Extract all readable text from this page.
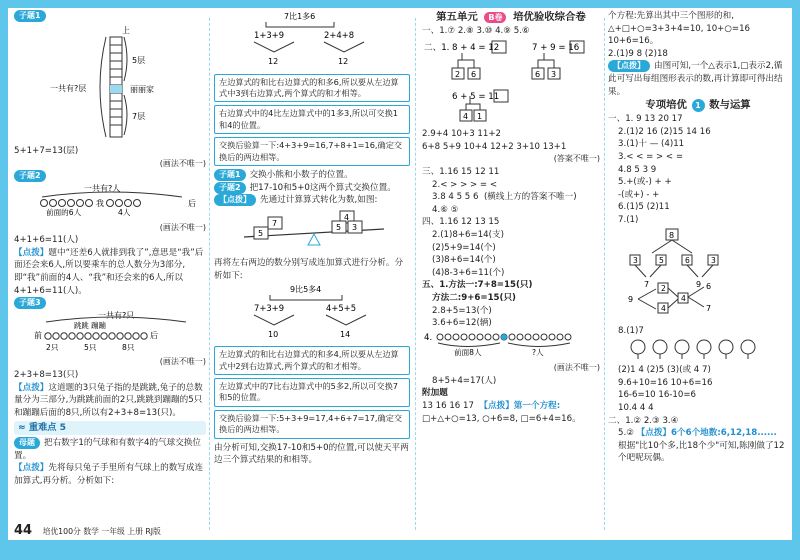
子题1
上
5层
丽丽家
7层
一共有?层
5+1+7=13(层)
(画法不唯一)
子题2
一共有?人
我	后
前面的6人	4人
(画法不唯一)
4+1+6=11(人)
【点拨】题中“还差6人就排到我了”,意思是“我”后面还会来6人,所以要乘车的总人数分为3部分,即“我”前面的4人、“我”和还会来的6人,所以4+1+6=11(人)。
子题3
一共有?只
跳跳 蹦蹦
前	后
2只	5只	8只
(画法不唯一)
2+3+8=13(只)
【点拨】这道题的3只兔子指的是跳跳,兔子的总数量分为三部分,为跳跳前面的2只,跳跳到蹦蹦的5只和蹦蹦后面的8只,所以有2+3+8=13(只)。
≈ 重难点 5
母题 把右数字1的气球和有数字4的气球交换位置。
【点拨】先将每只兔子手里所有气球上的数写成连加算式,再分析。分析如下:
7比1多6
1+3+9	2+4+8
12	12
左边算式的和比右边算式的和多6,所以要从左边算式中3到右边算式,两个算式的和才相等。
右边算式中的4比左边算式中的1多3,所以可交换1和4的位置。
交换后验算一下:4+3+9=16,7+8+1=16,确定交换后的两边相等。
子题1 交换小熊和小数子的位置。
子题2 把17-10和5+0这两个算式交换位置。
【点拨】 先通过计算算式转化为数,如图:
7
5
4
5 3
再将左右两边的数分别写成连加算式进行分析。分析如下:
9比5多4
7+3+9	4+5+5
10	14
左边算式的和比右边算式的和多4,所以要从左边算式中2到右边算式,两个算式的和才相等。
左边算式中的7比右边算式中的5多2,所以可交换7和5的位置。
交换后验算一下:5+3+9=17,4+6+7=17,确定交换后的两边相等。
由分析可知,交换17-10和5+0的位置,可以使天平两边三个算式结果的和相等。
第五单元 B卷 培优验收综合卷
一、1.⑦ 2.⑧ 3.⑩ 4.⑨ 5.⑥
二、1. 8 + 4 = 12	7 + 9 = 16
2 6	6 3
6 + 5 = 11
4 1
2.9+4 10+3 11+2
6+8 5+9 10+4 12+2 3+10 13+1
(答案不唯一)
三、1.16 15 12 11
2.< > > > = <
3.8 4 5 5 6 (横线上方的答案不唯一)
4.⑥ ⑤
四、1.16 12 13 15
2.(1)8+6=14(支)
(2)5+9=14(个)
(3)8+6=14(个)
(4)8-3+6=11(个)
五、1.方法一:7+8=15(只)
方法二:9+6=15(只)
2.8+5=13(个)
3.6+6=12(辆)
4.
前面8人	?人
(画法不唯一)
8+5+4=17(人)
附加题
13 16 16 17 【点拨】第一个方程:
□+△+○=13, ○+6=8, □=6+4=16。
个方程:先算出其中三个图形的和,
△+□+○=3+3+4=10, 10+○=16
10+6=16。
2.(1)9 8 (2)18
【点拨】 由图可知,一个△表示1,□表示2,循此可写出每组图形表示的数,再计算即可得出结果。
专项培优 1 数与运算
一、1. 9 13 20 17
2.(1)2 16 (2)15 14 16
3.(1)十 — (4)11
3.< < = > < =
4.8 5 3 9
5.+(或-) + +
-(或+) - +
6.(1)5 (2)11
7.(1)
8
3	5	6	3
7	9
9
2
4
4
6
7
8.(1)7
(2)1 4 (2)5 (3)(或 4 7)
9.6+10=16 10+6=16
16-6=10 16-10=6
10.4 4 4
二、1.② 2.③ 3.④
5.② 【点拨】6个6个地数:6,12,18......
根据"比10个多,比18个少"可知,陈刚做了12个吧呢玩偶。
44 培优100分 数学 一年级 上册 RJ版
